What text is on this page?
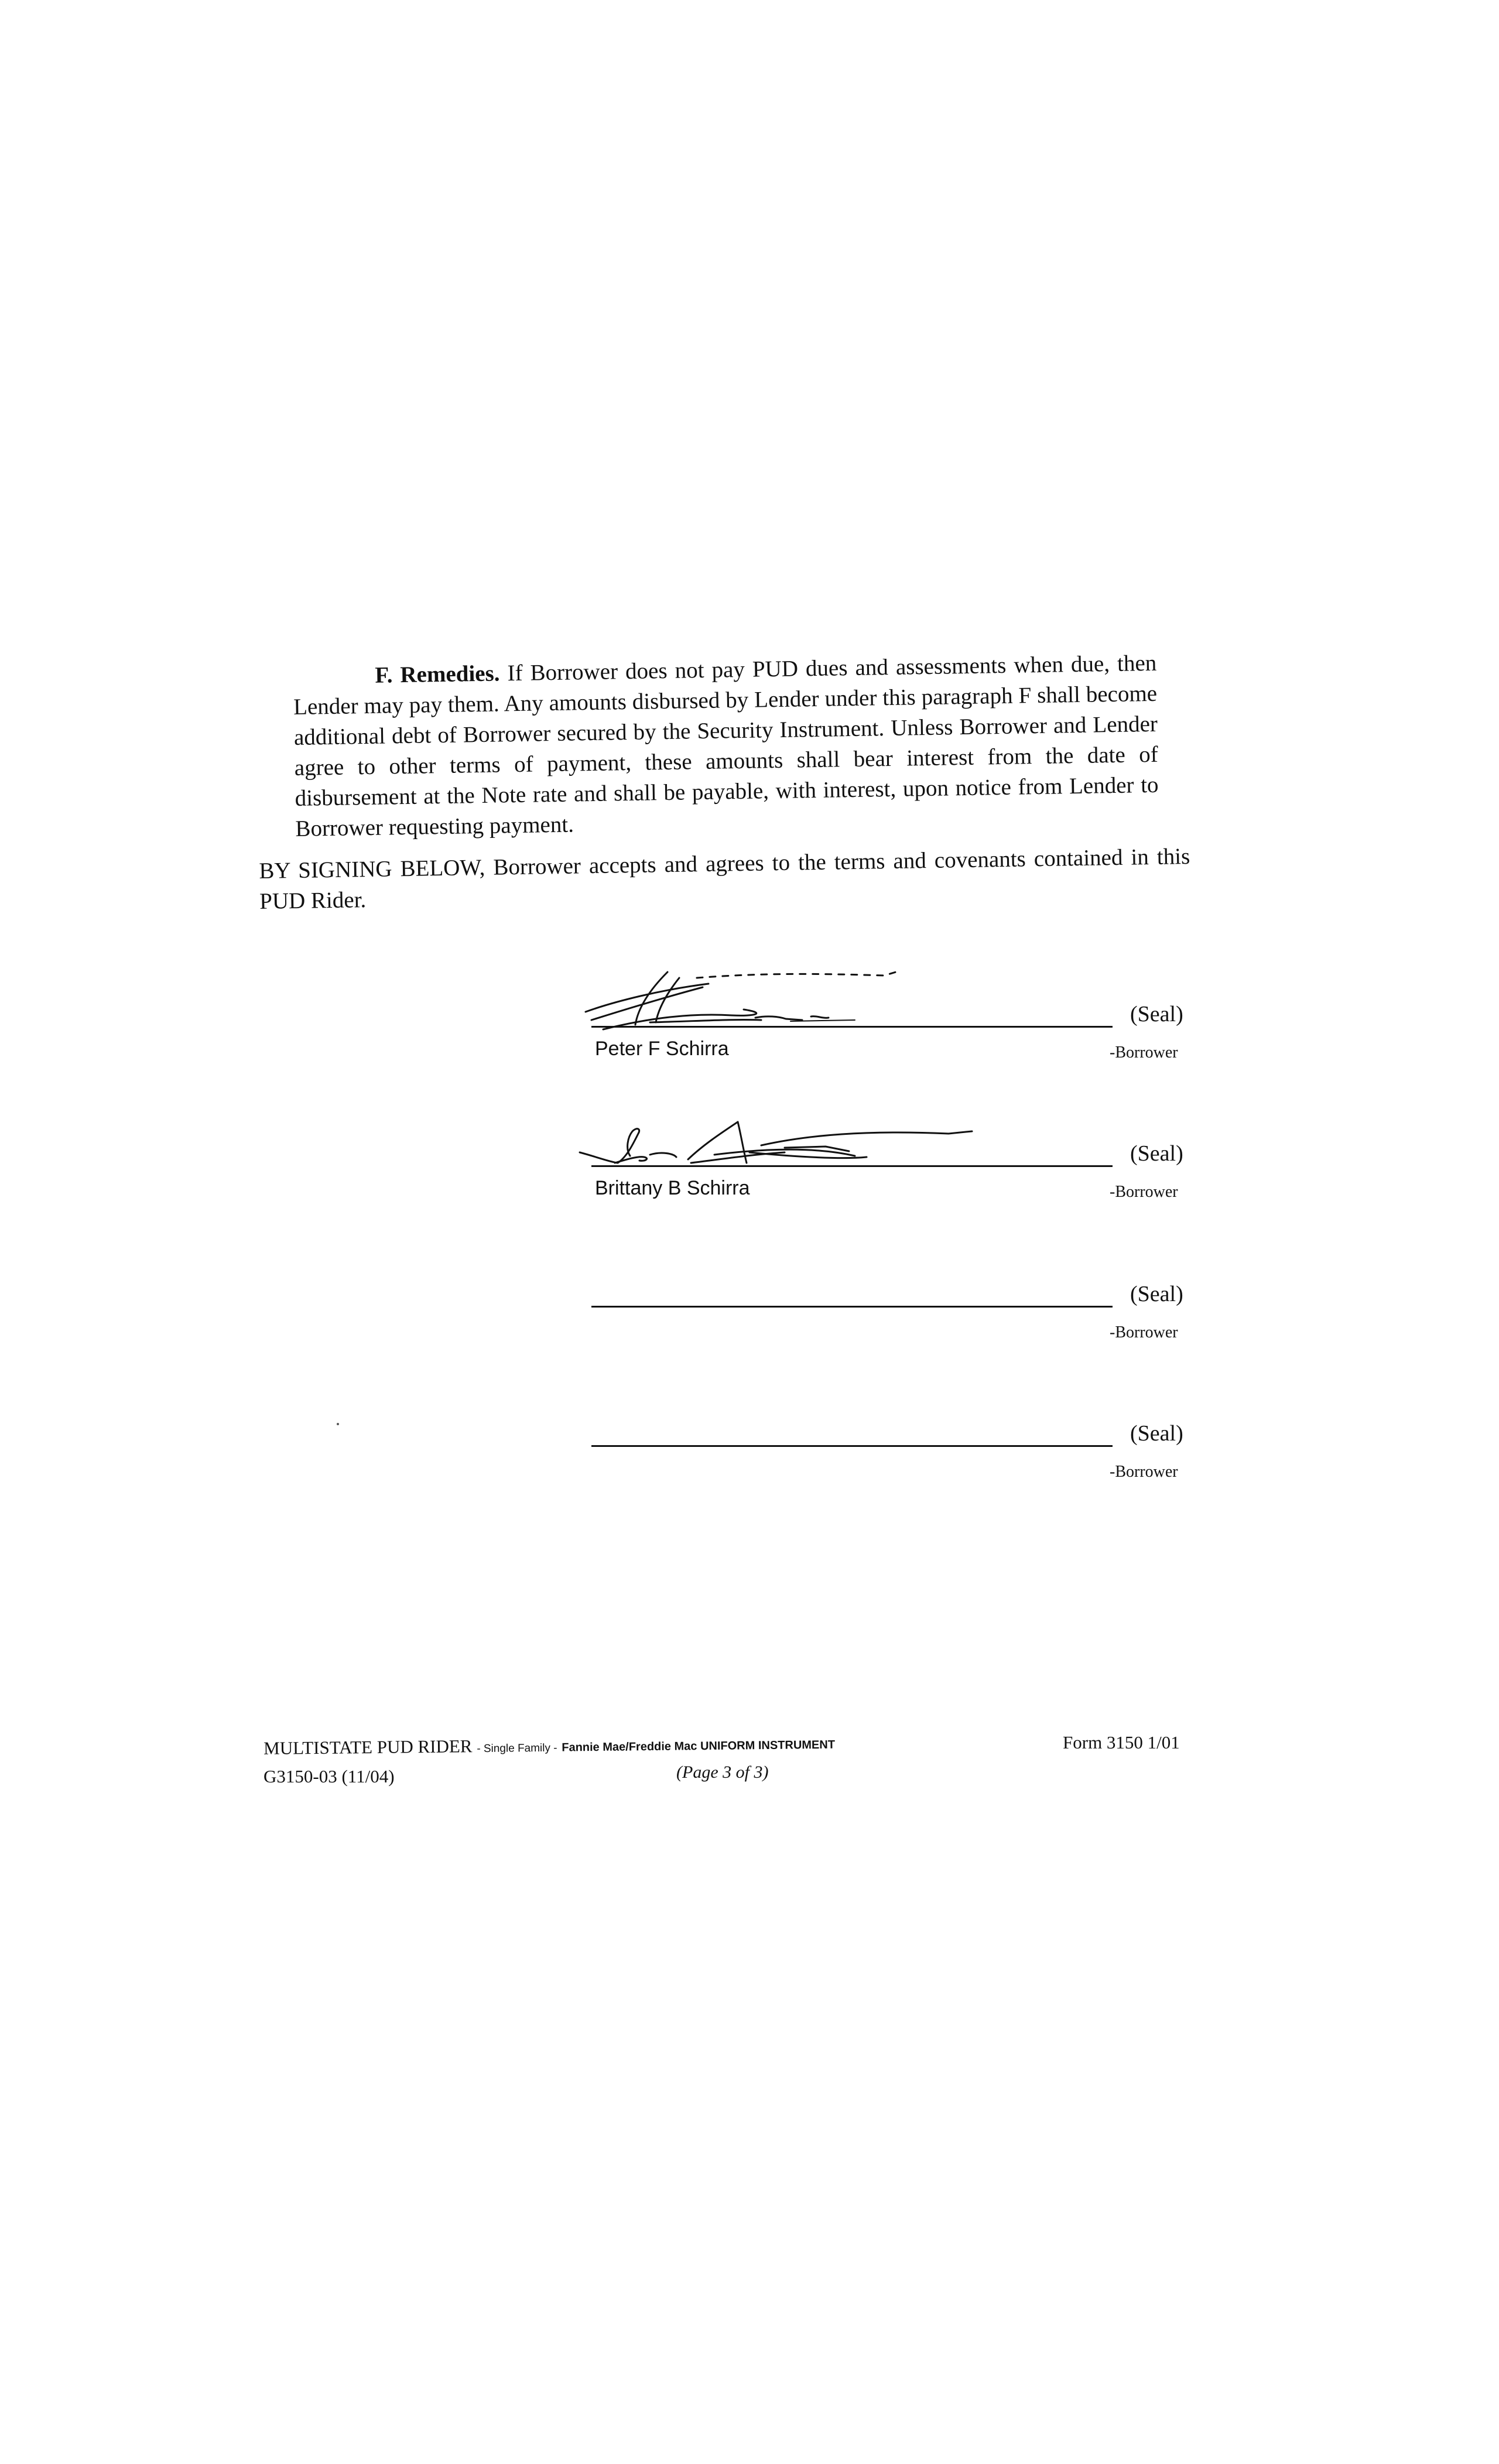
F. Remedies. If Borrower does not pay PUD dues and assessments when due, then Lender may pay them. Any amounts disbursed by Lender under this paragraph F shall become additional debt of Borrower secured by the Security Instrument. Unless Borrower and Lender agree to other terms of payment, these amounts shall bear interest from the date of disbursement at the Note rate and shall be payable, with interest, upon notice from Lender to Borrower requesting payment.
BY SIGNING BELOW, Borrower accepts and agrees to the terms and covenants contained in this PUD Rider.
(Seal)
Peter F Schirra	-Borrower
(Seal)
Brittany B Schirra	-Borrower
(Seal)
-Borrower
(Seal)
-Borrower
MULTISTATE PUD RIDER - Single Family - Fannie Mae/Freddie Mac UNIFORM INSTRUMENT	Form 3150 1/01
G3150-03 (11/04)	(Page 3 of 3)
